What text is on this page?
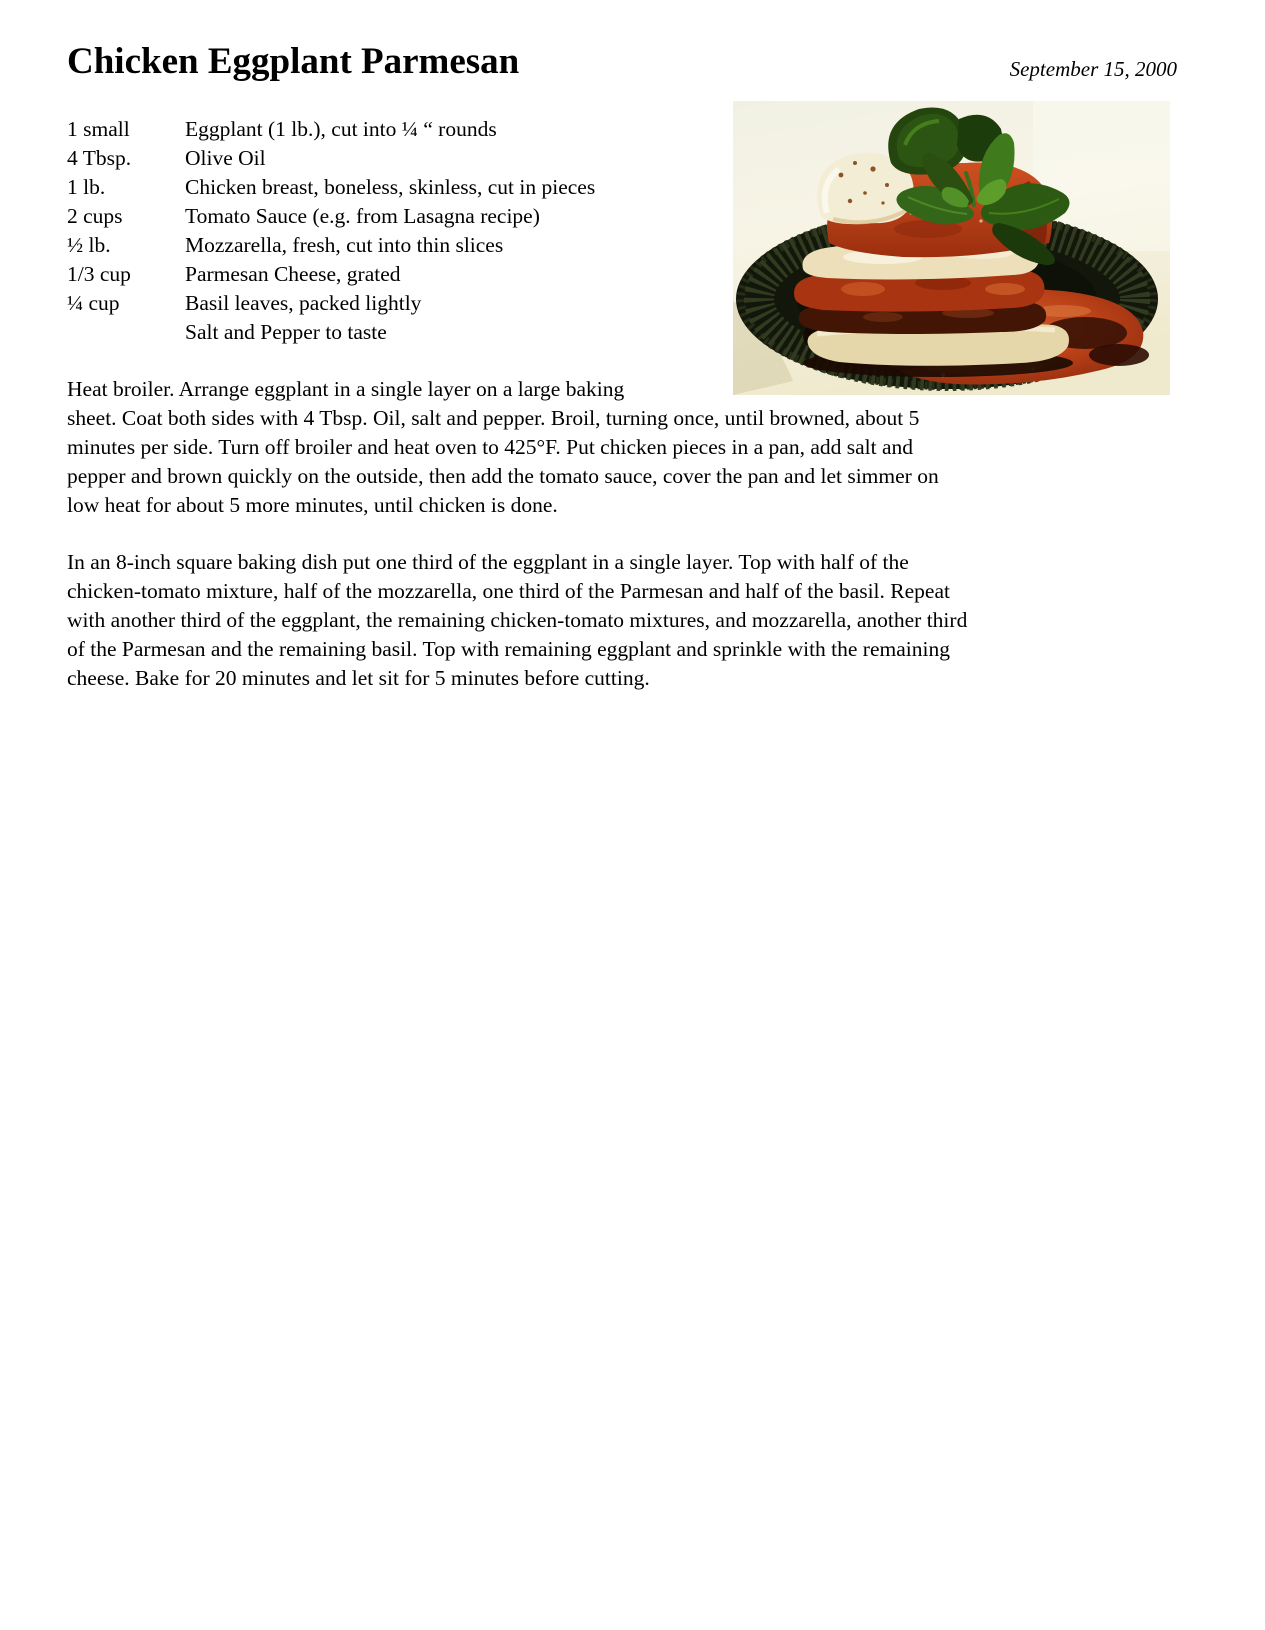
Chicken Eggplant Parmesan	September 15, 2000
1 small	Eggplant (1 lb.), cut into ¼ “ rounds
4 Tbsp.	Olive Oil
1 lb.	Chicken breast, boneless, skinless, cut in pieces
2 cups	Tomato Sauce (e.g. from Lasagna recipe)
½ lb.	Mozzarella, fresh, cut into thin slices
1/3 cup	Parmesan Cheese, grated
¼ cup	Basil leaves, packed lightly
Salt and Pepper to taste
Heat broiler. Arrange eggplant in a single layer on a large baking
sheet. Coat both sides with 4 Tbsp. Oil, salt and pepper. Broil, turning once, until browned, about 5
minutes per side. Turn off broiler and heat oven to 425°F. Put chicken pieces in a pan, add salt and
pepper and brown quickly on the outside, then add the tomato sauce, cover the pan and let simmer on
low heat for about 5 more minutes, until chicken is done.
In an 8-inch square baking dish put one third of the eggplant in a single layer. Top with half of the
chicken-tomato mixture, half of the mozzarella, one third of the Parmesan and half of the basil. Repeat
with another third of the eggplant, the remaining chicken-tomato mixtures, and mozzarella, another third
of the Parmesan and the remaining basil. Top with remaining eggplant and sprinkle with the remaining
cheese. Bake for 20 minutes and let sit for 5 minutes before cutting.
